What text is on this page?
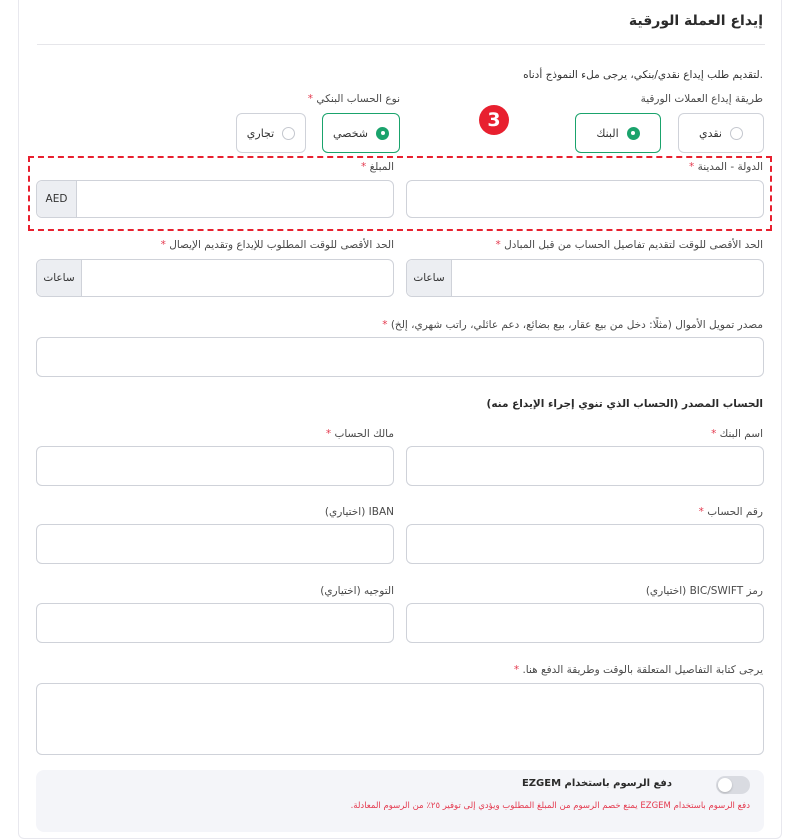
إيداع العملة الورقية
لتقديم طلب إيداع نقدي/بنكي، يرجى ملء النموذج أدناه.
طريقة إيداع العملات الورقية
نقدي
البنك
3
نوع الحساب البنكي *
شخصي
تجاري
الدولة - المدينة *
المبلغ *
AED
الحد الأقصى للوقت لتقديم تفاصيل الحساب من قبل المبادل *
ساعات
الحد الأقصى للوقت المطلوب للإيداع وتقديم الإيصال *
ساعات
مصدر تمويل الأموال (مثلًا: دخل من بيع عقار، بيع بضائع، دعم عائلي، راتب شهري، إلخ) *
الحساب المصدر (الحساب الذي تنوي إجراء الإيداع منه)
اسم البنك *
مالك الحساب *
رقم الحساب *
IBAN (اختياري)
رمز BIC/SWIFT (اختياري)
التوجيه (اختياري)
يرجى كتابة التفاصيل المتعلقة بالوقت وطريقة الدفع هنا. *
دفع الرسوم باستخدام EZGEM
دفع الرسوم باستخدام EZGEM يمنع خصم الرسوم من المبلغ المطلوب ويؤدي إلى توفير ٢٥٪ من الرسوم المعادلة.
